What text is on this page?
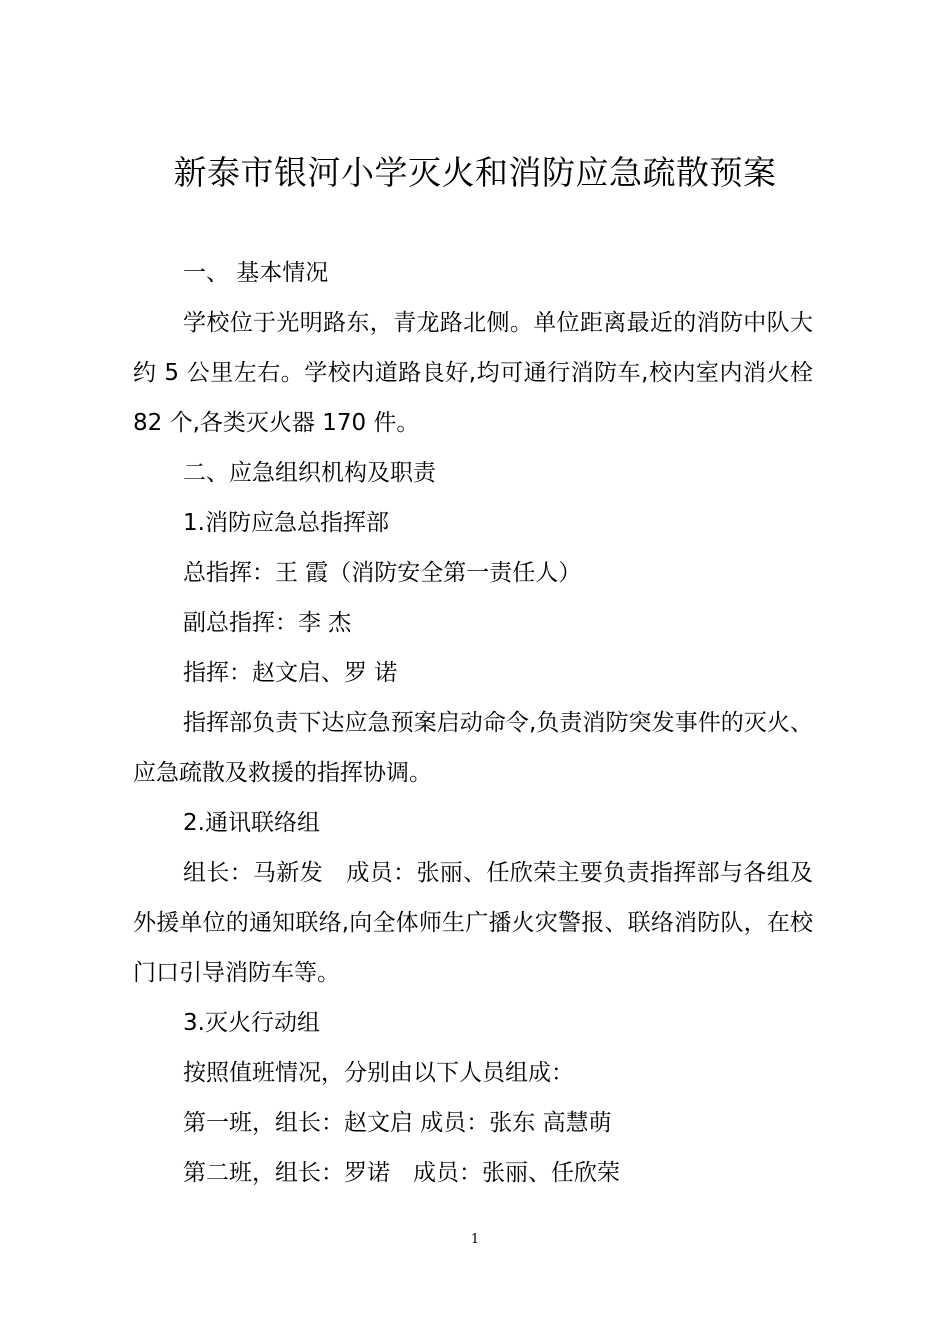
新泰市银河小学灭火和消防应急疏散预案

一、 基本情况

学校位于光明路东，青龙路北侧。单位距离最近的消防中队大约 5 公里左右。学校内道路良好,均可通行消防车,校内室内消火栓 82 个,各类灭火器 170 件。

二、应急组织机构及职责

1.消防应急总指挥部

总指挥：王 霞（消防安全第一责任人）

副总指挥：李 杰

指挥：赵文启、罗 诺

指挥部负责下达应急预案启动命令,负责消防突发事件的灭火、应急疏散及救援的指挥协调。

2.通讯联络组

组长：马新发　成员：张丽、任欣荣主要负责指挥部与各组及外援单位的通知联络,向全体师生广播火灾警报、联络消防队，在校门口引导消防车等。

3.灭火行动组

按照值班情况，分别由以下人员组成：

第一班，组长：赵文启 成员：张东 高慧萌

第二班，组长：罗诺　成员：张丽、任欣荣

1
